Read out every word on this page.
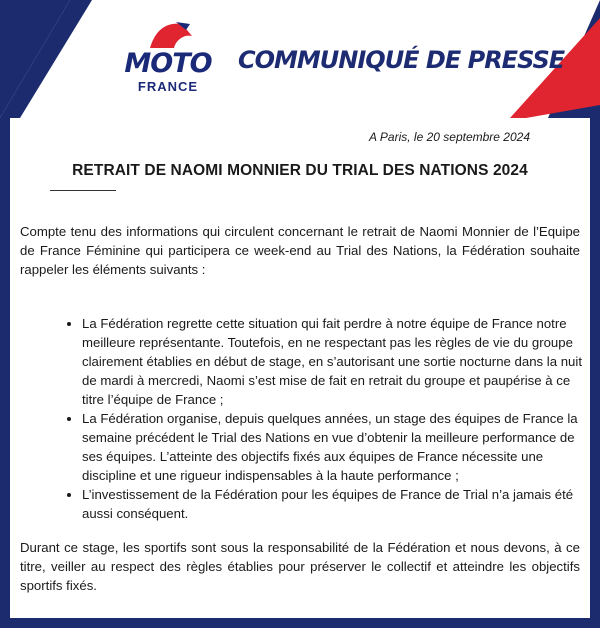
MOTO
FRANCE
COMMUNIQUÉ DE PRESSE
A Paris, le 20 septembre 2024
RETRAIT DE NAOMI MONNIER DU TRIAL DES NATIONS 2024

Compte tenu des informations qui circulent concernant le retrait de Naomi Monnier de l’Equipe de France Féminine qui participera ce week-end au Trial des Nations, la Fédération souhaite rappeler les éléments suivants :

• La Fédération regrette cette situation qui fait perdre à notre équipe de France notre meilleure représentante. Toutefois, en ne respectant pas les règles de vie du groupe clairement établies en début de stage, en s’autorisant une sortie nocturne dans la nuit de mardi à mercredi, Naomi s’est mise de fait en retrait du groupe et paupérise à ce titre l’équipe de France ;
• La Fédération organise, depuis quelques années, un stage des équipes de France la semaine précédent le Trial des Nations en vue d’obtenir la meilleure performance de ses équipes. L’atteinte des objectifs fixés aux équipes de France nécessite une discipline et une rigueur indispensables à la haute performance ;
• L’investissement de la Fédération pour les équipes de France de Trial n’a jamais été aussi conséquent.

Durant ce stage, les sportifs sont sous la responsabilité de la Fédération et nous devons, à ce titre, veiller au respect des règles établies pour préserver le collectif et atteindre les objectifs sportifs fixés.
